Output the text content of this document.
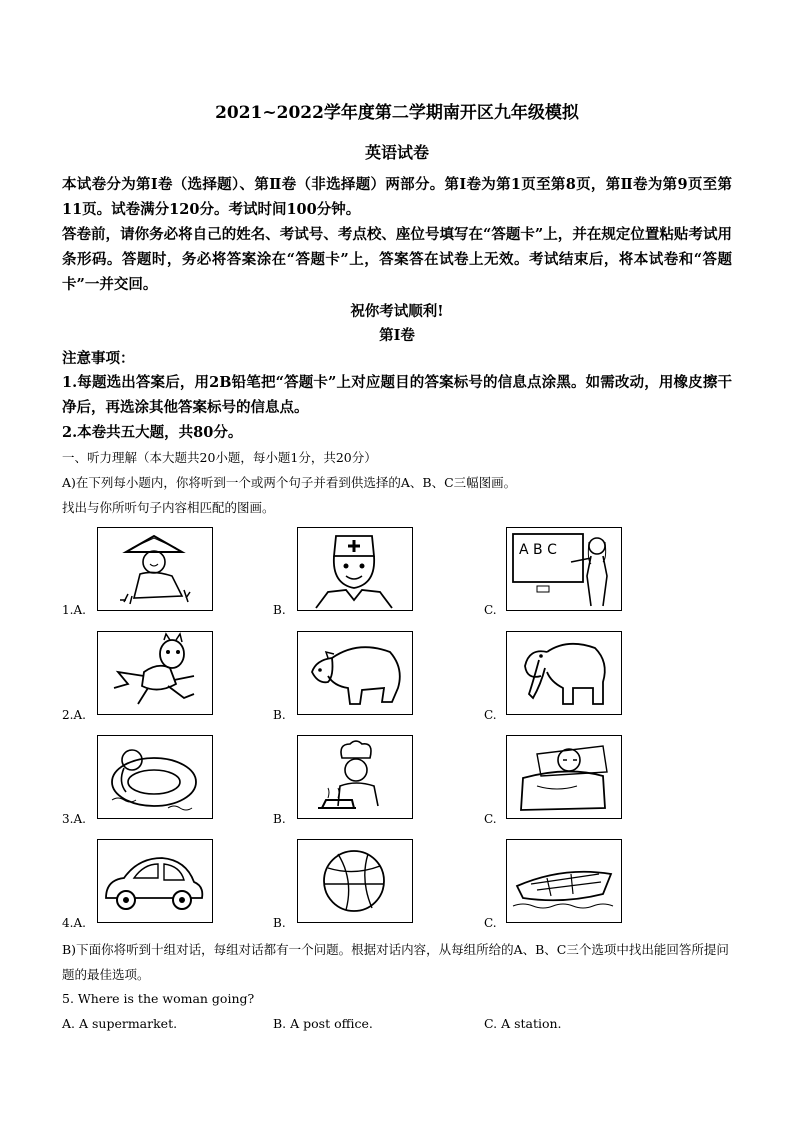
2021~2022学年度第二学期南开区九年级模拟
英语试卷
本试卷分为第Ⅰ卷（选择题）、第Ⅱ卷（非选择题）两部分。第Ⅰ卷为第1页至第8页，第Ⅱ卷为第9页至第11页。试卷满分120分。考试时间100分钟。
答卷前，请你务必将自己的姓名、考试号、考点校、座位号填写在“答题卡”上，并在规定位置粘贴考试用条形码。答题时，务必将答案涂在“答题卡”上，答案答在试卷上无效。考试结束后，将本试卷和“答题卡”一并交回。
祝你考试顺利!
第Ⅰ卷
注意事项：
1.每题选出答案后，用2B铅笔把“答题卡”上对应题目的答案标号的信息点涂黑。如需改动，用橡皮擦干净后，再选涂其他答案标号的信息点。
2.本卷共五大题，共80分。
一、听力理解（本大题共20小题，每小题1分，共20分）
A)在下列每小题内，你将听到一个或两个句子并看到供选择的A、B、C三幅图画。
找出与你所听句子内容相匹配的图画。
1.A.	B.	C.
A B C
2.A.	B.	C.
3.A.	B.	C.
4.A.	B.	C.
B)下面你将听到十组对话，每组对话都有一个问题。根据对话内容，从每组所给的A、B、C三个选项中找出能回答所提问题的最佳选项。
5. Where is the woman going?
A. A supermarket.	B. A post office.	C. A station.
